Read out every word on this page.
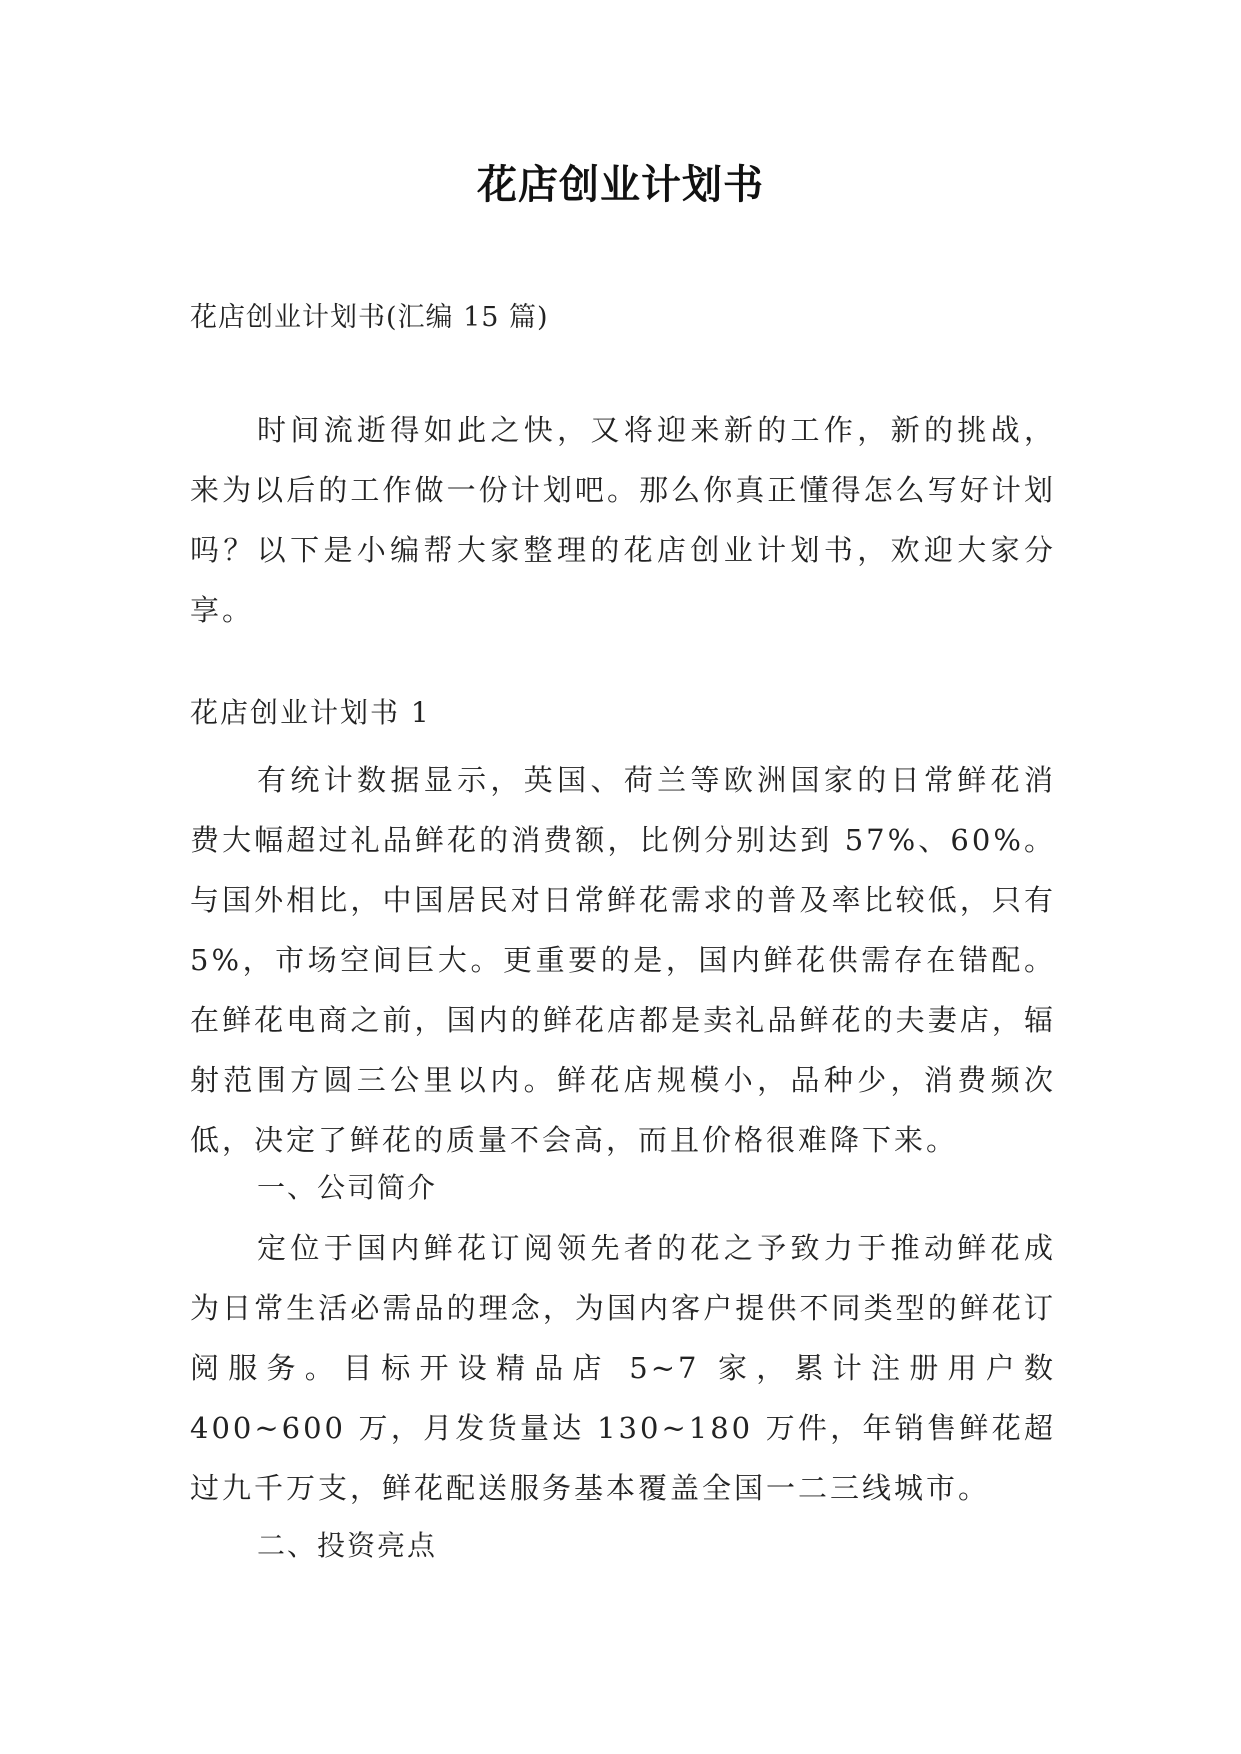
花店创业计划书
花店创业计划书(汇编 15 篇)

时间流逝得如此之快，又将迎来新的工作，新的挑战，来为以后的工作做一份计划吧。那么你真正懂得怎么写好计划吗？以下是小编帮大家整理的花店创业计划书，欢迎大家分享。

花店创业计划书 1

有统计数据显示，英国、荷兰等欧洲国家的日常鲜花消费大幅超过礼品鲜花的消费额，比例分别达到 57%、60%。与国外相比，中国居民对日常鲜花需求的普及率比较低，只有 5%，市场空间巨大。更重要的是，国内鲜花供需存在错配。在鲜花电商之前，国内的鲜花店都是卖礼品鲜花的夫妻店，辐射范围方圆三公里以内。鲜花店规模小，品种少，消费频次低，决定了鲜花的质量不会高，而且价格很难降下来。

一、公司简介

定位于国内鲜花订阅领先者的花之予致力于推动鲜花成为日常生活必需品的理念，为国内客户提供不同类型的鲜花订阅服务。目标开设精品店 5~7 家，累计注册用户数 400~600 万，月发货量达 130~180 万件，年销售鲜花超过九千万支，鲜花配送服务基本覆盖全国一二三线城市。

二、投资亮点
